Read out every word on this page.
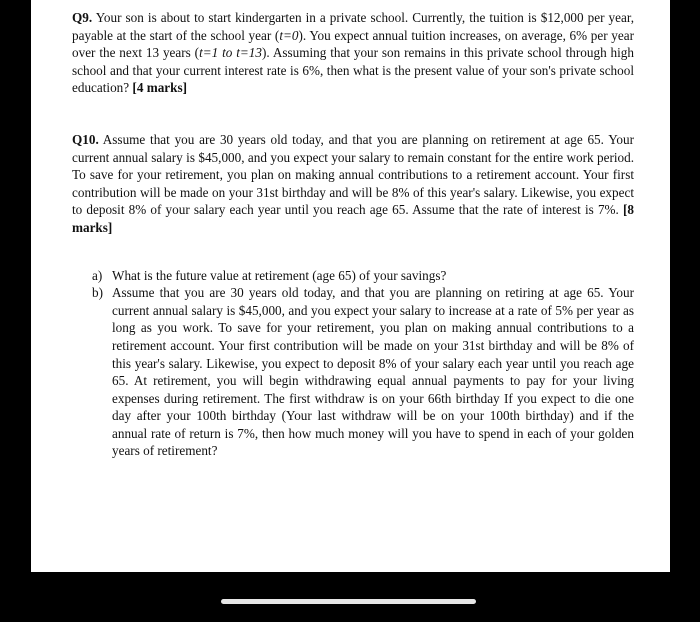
Q9. Your son is about to start kindergarten in a private school. Currently, the tuition is $12,000 per year, payable at the start of the school year (t=0). You expect annual tuition increases, on average, 6% per year over the next 13 years (t=1 to t=13). Assuming that your son remains in this private school through high school and that your current interest rate is 6%, then what is the present value of your son's private school education? [4 marks]

Q10. Assume that you are 30 years old today, and that you are planning on retirement at age 65. Your current annual salary is $45,000, and you expect your salary to remain constant for the entire work period. To save for your retirement, you plan on making annual contributions to a retirement account. Your first contribution will be made on your 31st birthday and will be 8% of this year's salary. Likewise, you expect to deposit 8% of your salary each year until you reach age 65. Assume that the rate of interest is 7%. [8 marks]

a) What is the future value at retirement (age 65) of your savings?
b) Assume that you are 30 years old today, and that you are planning on retiring at age 65. Your current annual salary is $45,000, and you expect your salary to increase at a rate of 5% per year as long as you work. To save for your retirement, you plan on making annual contributions to a retirement account. Your first contribution will be made on your 31st birthday and will be 8% of this year's salary. Likewise, you expect to deposit 8% of your salary each year until you reach age 65. At retirement, you will begin withdrawing equal annual payments to pay for your living expenses during retirement. The first withdraw is on your 66th birthday If you expect to die one day after your 100th birthday (Your last withdraw will be on your 100th birthday) and if the annual rate of return is 7%, then how much money will you have to spend in each of your golden years of retirement?
